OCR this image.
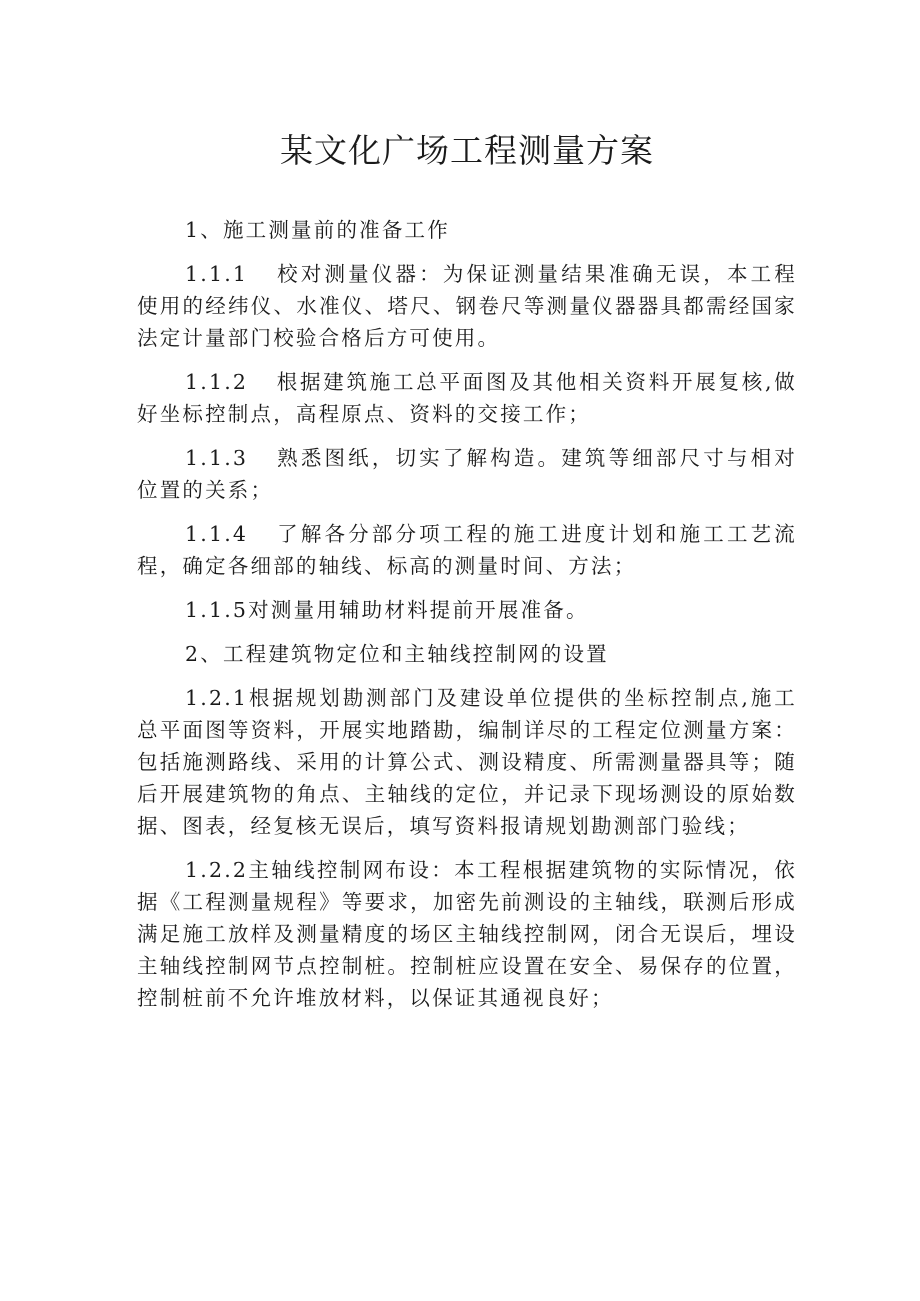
某文化广场工程测量方案

1、施工测量前的准备工作

1.1.1 校对测量仪器：为保证测量结果准确无误，本工程使用的经纬仪、水准仪、塔尺、钢卷尺等测量仪器器具都需经国家法定计量部门校验合格后方可使用。

1.1.2 根据建筑施工总平面图及其他相关资料开展复核,做好坐标控制点，高程原点、资料的交接工作；

1.1.3 熟悉图纸，切实了解构造。建筑等细部尺寸与相对位置的关系；

1.1.4 了解各分部分项工程的施工进度计划和施工工艺流程，确定各细部的轴线、标高的测量时间、方法；

1.1.5对测量用辅助材料提前开展准备。

2、工程建筑物定位和主轴线控制网的设置

1.2.1根据规划勘测部门及建设单位提供的坐标控制点,施工总平面图等资料，开展实地踏勘，编制详尽的工程定位测量方案：包括施测路线、采用的计算公式、测设精度、所需测量器具等；随后开展建筑物的角点、主轴线的定位，并记录下现场测设的原始数据、图表，经复核无误后，填写资料报请规划勘测部门验线；

1.2.2主轴线控制网布设：本工程根据建筑物的实际情况，依据《工程测量规程》等要求，加密先前测设的主轴线，联测后形成满足施工放样及测量精度的场区主轴线控制网，闭合无误后，埋设主轴线控制网节点控制桩。控制桩应设置在安全、易保存的位置，控制桩前不允许堆放材料，以保证其通视良好；
